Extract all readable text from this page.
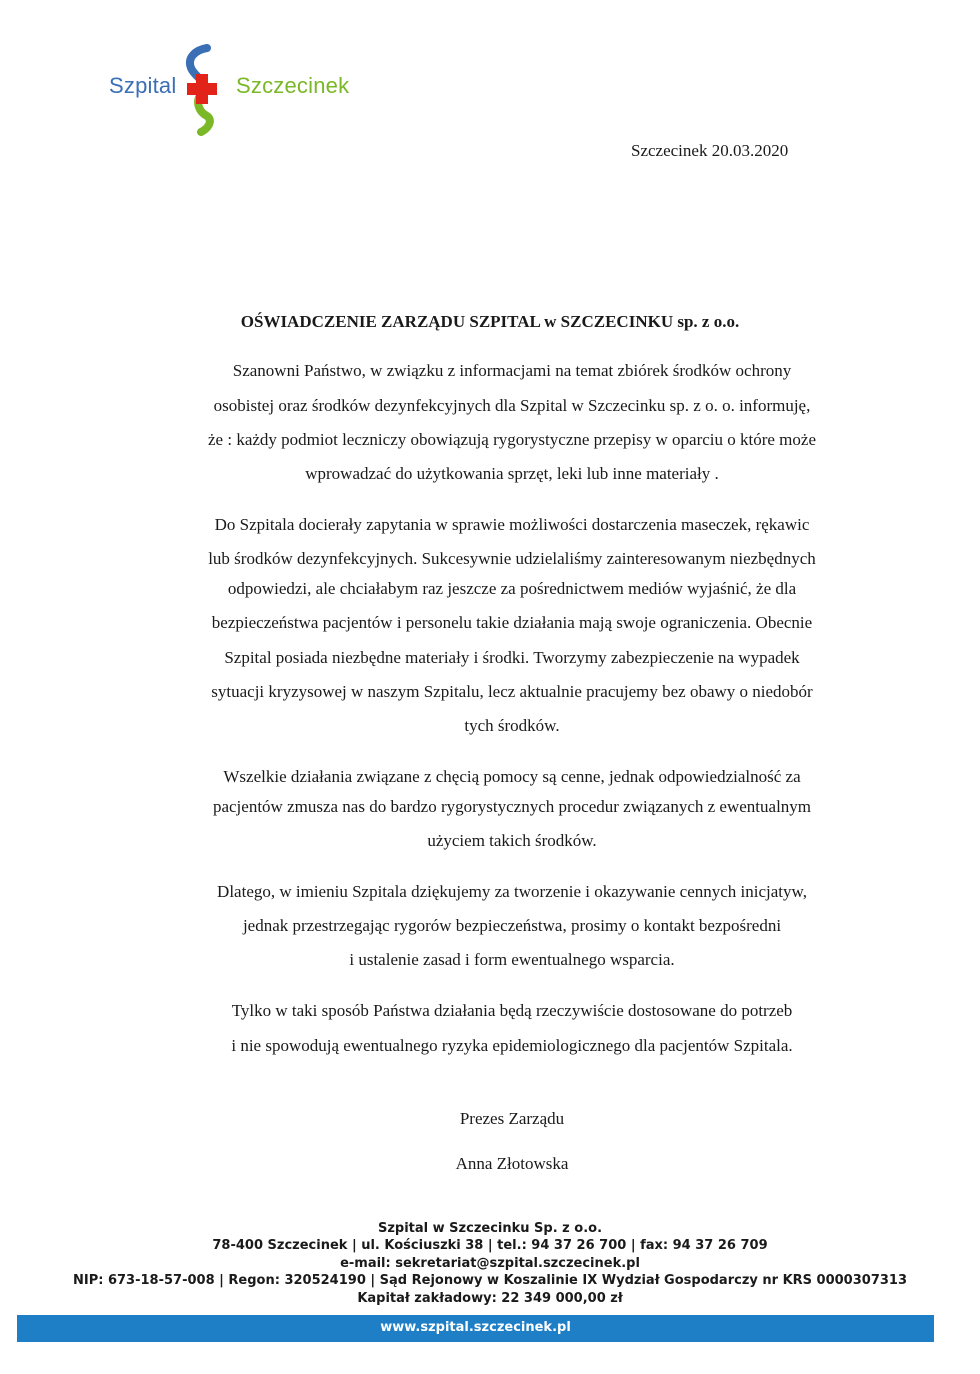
Szpital	Szczecinek
Szczecinek 20.03.2020
OŚWIADCZENIE ZARZĄDU SZPITAL w SZCZECINKU sp. z o.o.
Szanowni Państwo, w związku z informacjami na temat zbiórek środków ochrony
osobistej oraz środków dezynfekcyjnych dla Szpital w Szczecinku sp. z o. o. informuję,
że : każdy podmiot leczniczy obowiązują rygorystyczne przepisy w oparciu o które może
wprowadzać do użytkowania sprzęt, leki lub inne materiały .
Do Szpitala docierały zapytania w sprawie możliwości dostarczenia maseczek, rękawic
lub środków dezynfekcyjnych. Sukcesywnie udzielaliśmy zainteresowanym niezbędnych
odpowiedzi, ale chciałabym raz jeszcze za pośrednictwem mediów wyjaśnić, że dla
bezpieczeństwa pacjentów i personelu takie działania mają swoje ograniczenia. Obecnie
Szpital posiada niezbędne materiały i środki. Tworzymy zabezpieczenie na wypadek
sytuacji kryzysowej w naszym Szpitalu, lecz aktualnie pracujemy bez obawy o niedobór
tych środków.
Wszelkie działania związane z chęcią pomocy są cenne, jednak odpowiedzialność za
pacjentów zmusza nas do bardzo rygorystycznych procedur związanych z ewentualnym
użyciem takich środków.
Dlatego, w imieniu Szpitala dziękujemy za tworzenie i okazywanie cennych inicjatyw,
jednak przestrzegając rygorów bezpieczeństwa, prosimy o kontakt bezpośredni
i ustalenie zasad i form ewentualnego wsparcia.
Tylko w taki sposób Państwa działania będą rzeczywiście dostosowane do potrzeb
i nie spowodują ewentualnego ryzyka epidemiologicznego dla pacjentów Szpitala.
Prezes Zarządu
Anna Złotowska
Szpital w Szczecinku Sp. z o.o.
78-400 Szczecinek | ul. Kościuszki 38 | tel.: 94 37 26 700 | fax: 94 37 26 709
e-mail: sekretariat@szpital.szczecinek.pl
NIP: 673-18-57-008 | Regon: 320524190 | Sąd Rejonowy w Koszalinie IX Wydział Gospodarczy nr KRS 0000307313
Kapitał zakładowy: 22 349 000,00 zł
www.szpital.szczecinek.pl
